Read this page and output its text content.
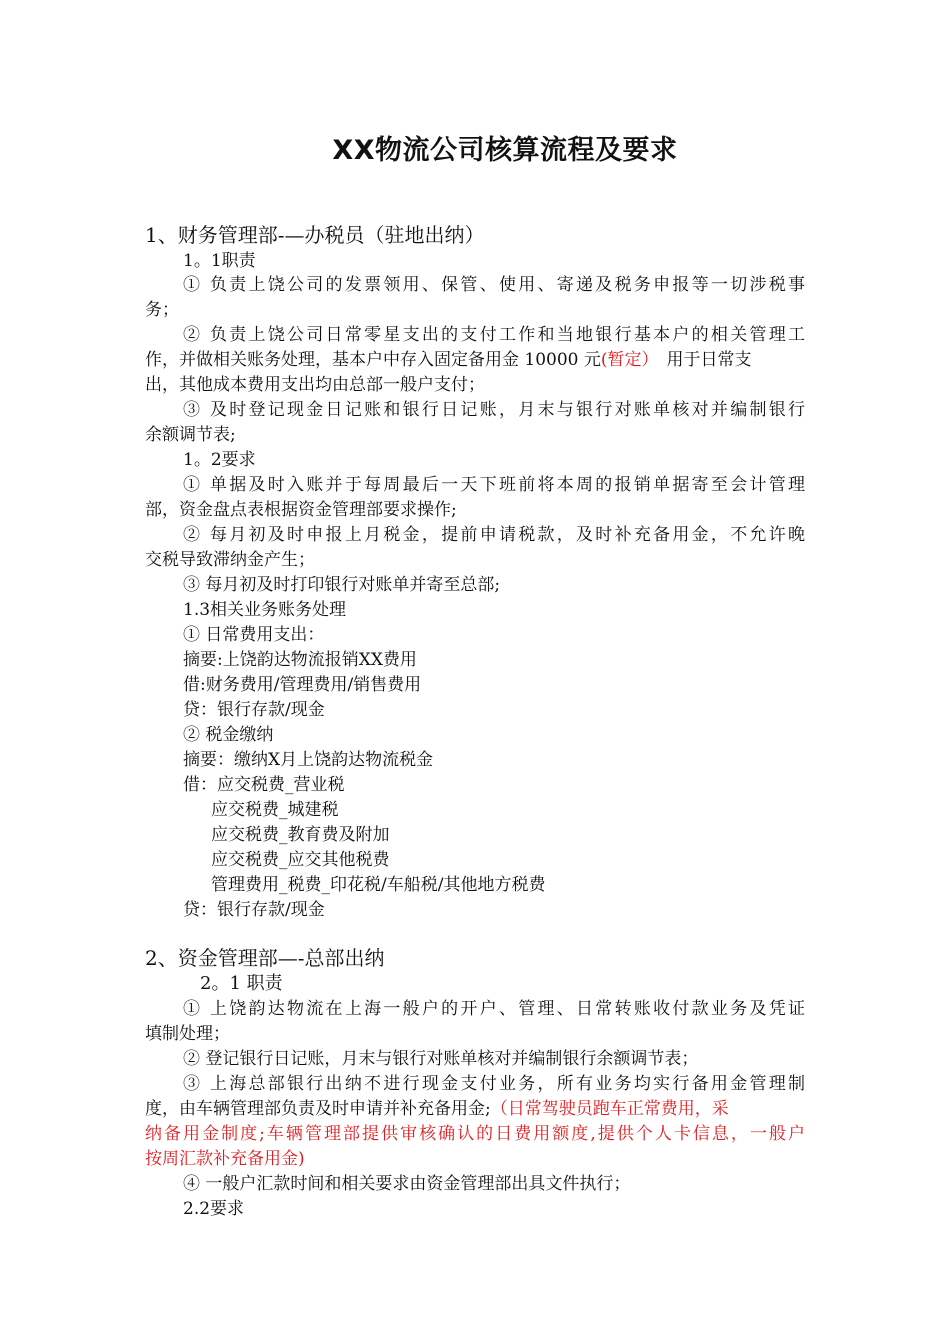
XX物流公司核算流程及要求
1、财务管理部-—办税员（驻地出纳）
1。1职责
① 负责上饶公司的发票领用、保管、使用、寄递及税务申报等一切涉税事
务；
② 负责上饶公司日常零星支出的支付工作和当地银行基本户的相关管理工
作，并做相关账务处理，基本户中存入固定备用金 10000 元(暂定） 用于日常支
出，其他成本费用支出均由总部一般户支付；
③ 及时登记现金日记账和银行日记账，月末与银行对账单核对并编制银行
余额调节表;
1。2要求
① 单据及时入账并于每周最后一天下班前将本周的报销单据寄至会计管理
部，资金盘点表根据资金管理部要求操作;
② 每月初及时申报上月税金，提前申请税款，及时补充备用金，不允许晚
交税导致滞纳金产生；
③ 每月初及时打印银行对账单并寄至总部;
1.3相关业务账务处理
① 日常费用支出：
摘要:上饶韵达物流报销XX费用
借:财务费用/管理费用/销售费用
贷：银行存款/现金
② 税金缴纳
摘要：缴纳X月上饶韵达物流税金
借：应交税费_营业税
应交税费_城建税
应交税费_教育费及附加
应交税费_应交其他税费
管理费用_税费_印花税/车船税/其他地方税费
贷：银行存款/现金
2、资金管理部—-总部出纳
2。1 职责
① 上饶韵达物流在上海一般户的开户、管理、日常转账收付款业务及凭证
填制处理；
② 登记银行日记账，月末与银行对账单核对并编制银行余额调节表；
③ 上海总部银行出纳不进行现金支付业务，所有业务均实行备用金管理制
度，由车辆管理部负责及时申请并补充备用金;（日常驾驶员跑车正常费用，采
纳备用金制度;车辆管理部提供审核确认的日费用额度,提供个人卡信息，一般户
按周汇款补充备用金)
④ 一般户汇款时间和相关要求由资金管理部出具文件执行；
2.2要求
